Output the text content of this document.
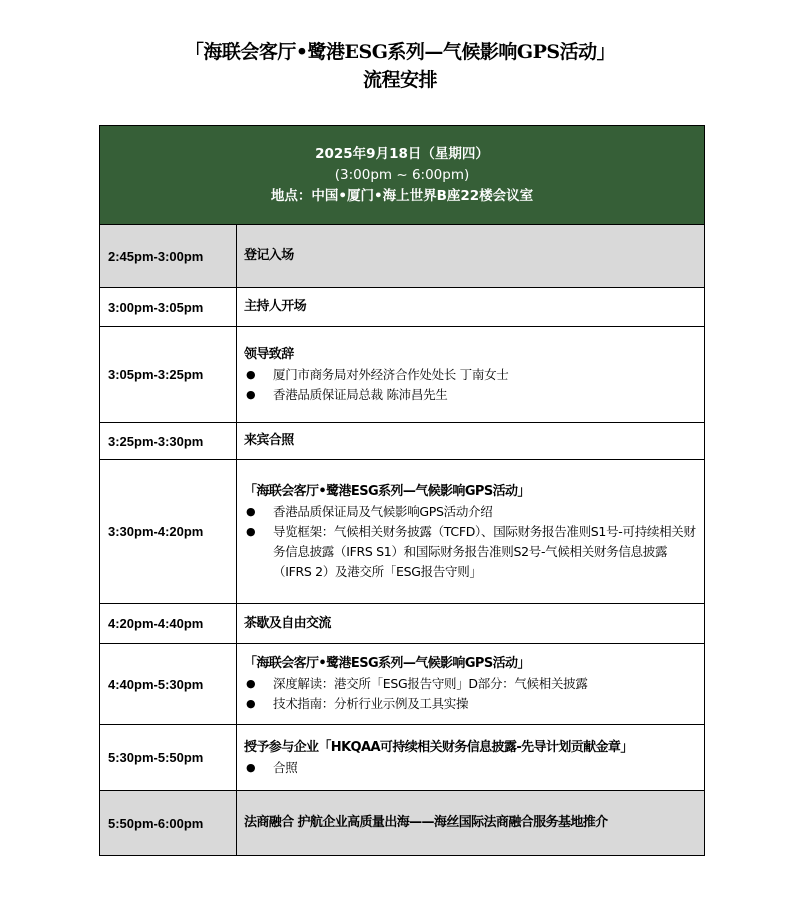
「海联会客厅•鹭港ESG系列—气候影响GPS活动」
流程安排
2025年9月18日（星期四）
(3:00pm ~ 6:00pm)
地点：中国•厦门•海上世界B座22楼会议室
2:45pm-3:00pm	登记入场
3:00pm-3:05pm	主持人开场
3:05pm-3:25pm
领导致辞
●	厦门市商务局对外经济合作处处长 丁南女士
●	香港品质保证局总裁 陈沛昌先生
3:25pm-3:30pm	来宾合照
3:30pm-4:20pm
「海联会客厅•鹭港ESG系列—气候影响GPS活动」
●	香港品质保证局及气候影响GPS活动介绍
●	导览框架：气候相关财务披露（TCFD）、国际财务报告准则S1号-可持续相关财务信息披露（IFRS S1）和国际财务报告准则S2号-气候相关财务信息披露（IFRS 2）及港交所「ESG报告守则」
4:20pm-4:40pm	茶歇及自由交流
4:40pm-5:30pm
「海联会客厅•鹭港ESG系列—气候影响GPS活动」
●	深度解读：港交所「ESG报告守则」D部分：气候相关披露
●	技术指南：分析行业示例及工具实操
5:30pm-5:50pm
授予参与企业「HKQAA可持续相关财务信息披露-先导计划贡献金章」
●	合照
5:50pm-6:00pm	法商融合 护航企业高质量出海——海丝国际法商融合服务基地推介
